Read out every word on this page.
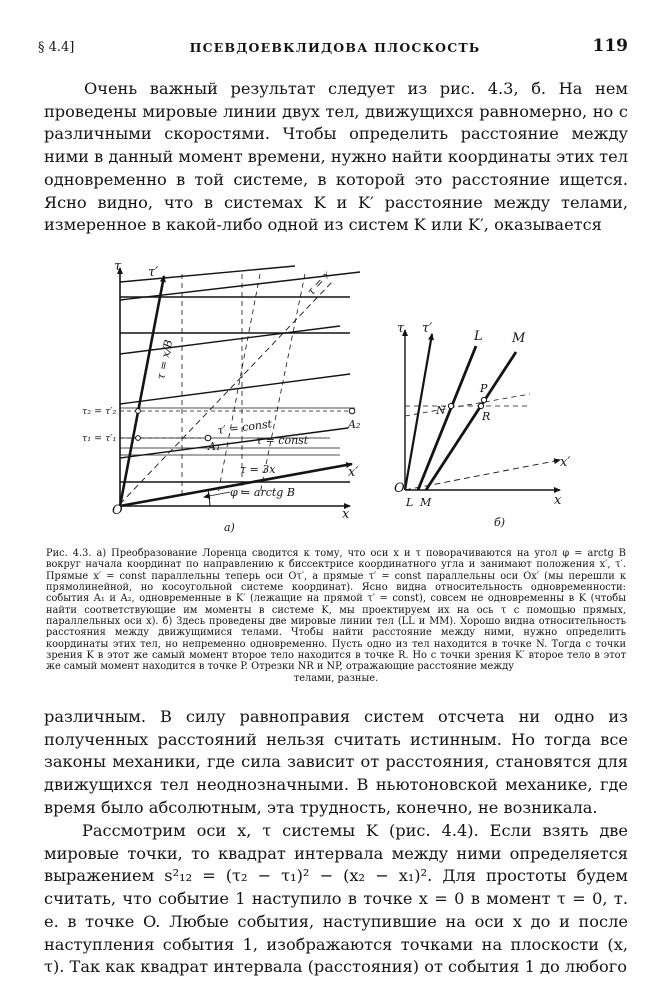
§ 4.4]	ПСЕВДОЕВКЛИДОВА ПЛОСКОСТЬ	119

Очень важный результат следует из рис. 4.3, б. На нем проведены мировые линии двух тел, движущихся равномерно, но с различными скоростями. Чтобы определить расстояние между ними в данный момент времени, нужно найти координаты этих тел одновременно в той системе, в которой это расстояние ищется. Ясно видно, что в системах K и K′ расстояние между телами, измеренное в какой-либо одной из систем K или K′, оказывается

τ τ′
x
x′
O
τ = x
τ = x/B
τ′ = const
τ = const
τ = 3x
φ = arctg B
τ₂ = τ′₂
τ₁ = τ′₁
A₁
A₂
а)
τ τ′
L M
x
x′
O
L M
P
N	R
б)

Рис. 4.3. а) Преобразование Лоренца сводится к тому, что оси x и τ поворачиваются на угол φ = arctg B вокруг начала координат по направлению к биссектрисе координатного угла и занимают положения x′, τ′. Прямые x′ = const параллельны теперь оси Oτ′, а прямые τ′ = const параллельны оси Ox′ (мы перешли к прямолинейной, но косоугольной системе координат). Ясно видна относительность одновременности: события A₁ и A₂, одновременные в K′ (лежащие на прямой τ′ = const), совсем не одновременны в K (чтобы найти соответствующие им моменты в системе K, мы проектируем их на ось τ с помощью прямых, параллельных оси x). б) Здесь проведены две мировые линии тел (LL и MM). Хорошо видна относительность расстояния между движущимися телами. Чтобы найти расстояние между ними, нужно определить координаты этих тел, но непременно одновременно. Пусть одно из тел находится в точке N. Тогда с точки зрения K в этот же самый момент второе тело находится в точке R. Но с точки зрения K′ второе тело в этот же самый момент находится в точке P. Отрезки NR и NP, отражающие расстояние между
телами, разные.

различным. В силу равноправия систем отсчета ни одно из полученных расстояний нельзя считать истинным. Но тогда все законы механики, где сила зависит от расстояния, становятся для движущихся тел неоднозначными. В ньютоновской механике, где время было абсолютным, эта трудность, конечно, не возникала.

Рассмотрим оси x, τ системы K (рис. 4.4). Если взять две мировые точки, то квадрат интервала между ними определяется выражением s²₁₂ = (τ₂ − τ₁)² − (x₂ − x₁)². Для простоты будем считать, что событие 1 наступило в точке x = 0 в момент τ = 0, т. е. в точке O. Любые события, наступившие на оси x до и после наступления события 1, изображаются точками на плоскости (x, τ). Так как квадрат интервала (расстояния) от события 1 до любого
